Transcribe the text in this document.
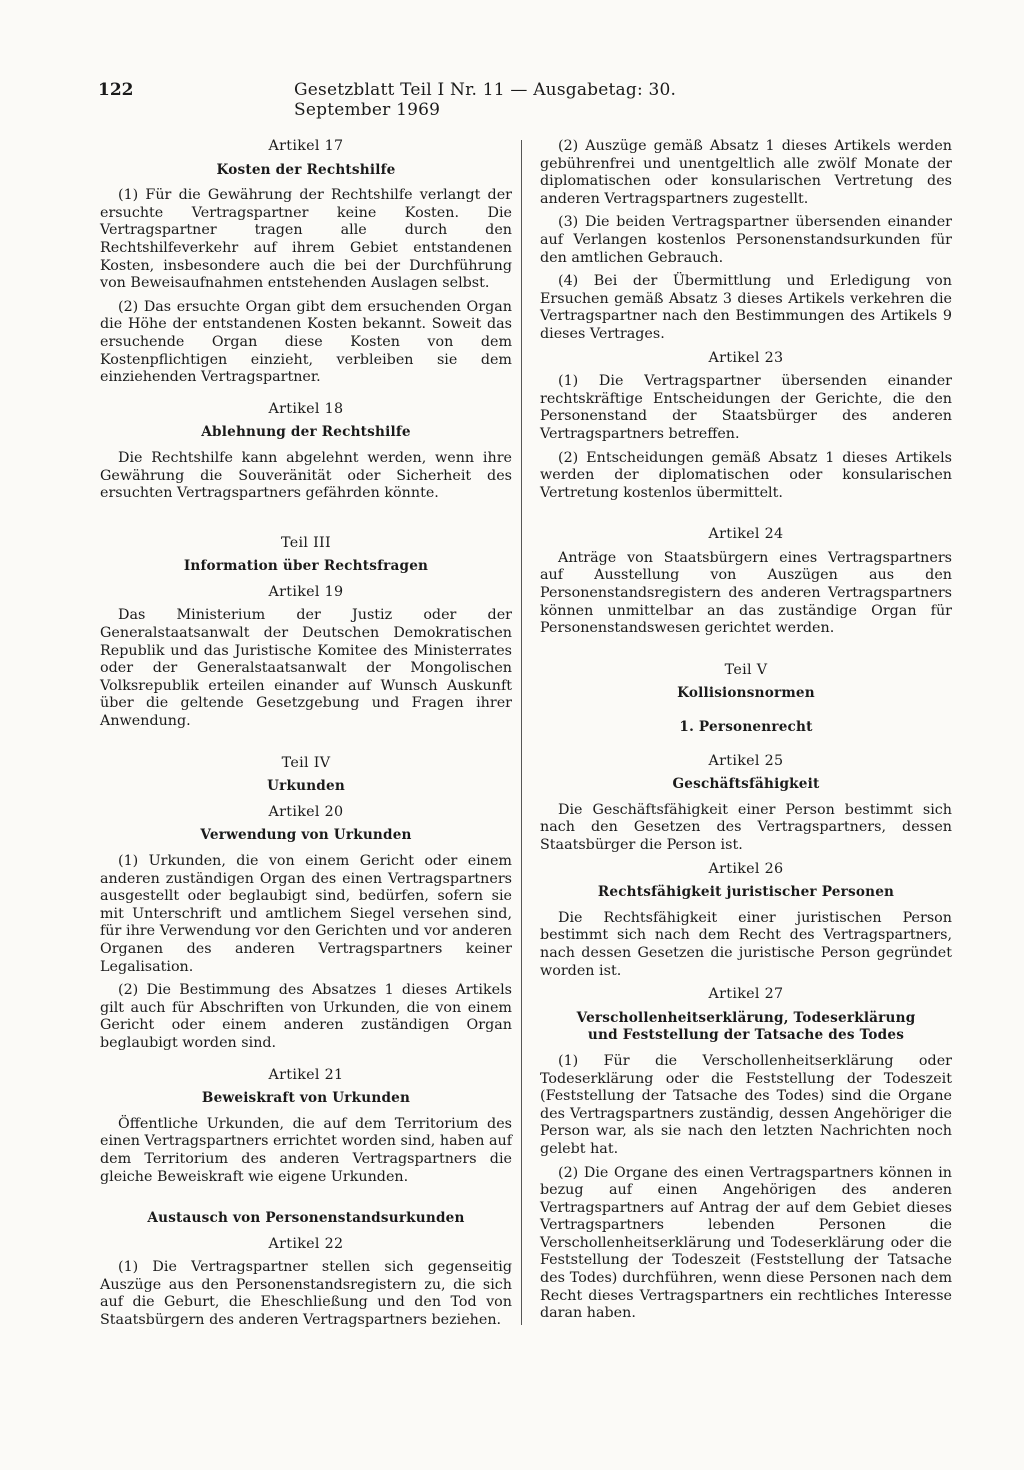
122	Gesetzblatt Teil I Nr. 11 — Ausgabetag: 30. September 1969
Artikel 17
Kosten der Rechtshilfe

(1) Für die Gewährung der Rechtshilfe verlangt der ersuchte Vertragspartner keine Kosten. Die Vertragspartner tragen alle durch den Rechtshilfeverkehr auf ihrem Gebiet entstandenen Kosten, insbesondere auch die bei der Durchführung von Beweisaufnahmen entstehenden Auslagen selbst.

(2) Das ersuchte Organ gibt dem ersuchenden Organ die Höhe der entstandenen Kosten bekannt. Soweit das ersuchende Organ diese Kosten von dem Kostenpflichtigen einzieht, verbleiben sie dem einziehenden Vertragspartner.

Artikel 18
Ablehnung der Rechtshilfe

Die Rechtshilfe kann abgelehnt werden, wenn ihre Gewährung die Souveränität oder Sicherheit des ersuchten Vertragspartners gefährden könnte.

Teil III
Information über Rechtsfragen
Artikel 19

Das Ministerium der Justiz oder der Generalstaatsanwalt der Deutschen Demokratischen Republik und das Juristische Komitee des Ministerrates oder der Generalstaatsanwalt der Mongolischen Volksrepublik erteilen einander auf Wunsch Auskunft über die geltende Gesetzgebung und Fragen ihrer Anwendung.

Teil IV
Urkunden
Artikel 20
Verwendung von Urkunden

(1) Urkunden, die von einem Gericht oder einem anderen zuständigen Organ des einen Vertragspartners ausgestellt oder beglaubigt sind, bedürfen, sofern sie mit Unterschrift und amtlichem Siegel versehen sind, für ihre Verwendung vor den Gerichten und vor anderen Organen des anderen Vertragspartners keiner Legalisation.

(2) Die Bestimmung des Absatzes 1 dieses Artikels gilt auch für Abschriften von Urkunden, die von einem Gericht oder einem anderen zuständigen Organ beglaubigt worden sind.

Artikel 21
Beweiskraft von Urkunden

Öffentliche Urkunden, die auf dem Territorium des einen Vertragspartners errichtet worden sind, haben auf dem Territorium des anderen Vertragspartners die gleiche Beweiskraft wie eigene Urkunden.

Austausch von Personenstandsurkunden
Artikel 22

(1) Die Vertragspartner stellen sich gegenseitig Auszüge aus den Personenstandsregistern zu, die sich auf die Geburt, die Eheschließung und den Tod von Staatsbürgern des anderen Vertragspartners beziehen.

(2) Auszüge gemäß Absatz 1 dieses Artikels werden gebührenfrei und unentgeltlich alle zwölf Monate der diplomatischen oder konsularischen Vertretung des anderen Vertragspartners zugestellt.

(3) Die beiden Vertragspartner übersenden einander auf Verlangen kostenlos Personenstandsurkunden für den amtlichen Gebrauch.

(4) Bei der Übermittlung und Erledigung von Ersuchen gemäß Absatz 3 dieses Artikels verkehren die Vertragspartner nach den Bestimmungen des Artikels 9 dieses Vertrages.

Artikel 23

(1) Die Vertragspartner übersenden einander rechtskräftige Entscheidungen der Gerichte, die den Personenstand der Staatsbürger des anderen Vertragspartners betreffen.

(2) Entscheidungen gemäß Absatz 1 dieses Artikels werden der diplomatischen oder konsularischen Vertretung kostenlos übermittelt.

Artikel 24

Anträge von Staatsbürgern eines Vertragspartners auf Ausstellung von Auszügen aus den Personenstandsregistern des anderen Vertragspartners können unmittelbar an das zuständige Organ für Personenstandswesen gerichtet werden.

Teil V
Kollisionsnormen
1. Personenrecht
Artikel 25
Geschäftsfähigkeit

Die Geschäftsfähigkeit einer Person bestimmt sich nach den Gesetzen des Vertragspartners, dessen Staatsbürger die Person ist.

Artikel 26
Rechtsfähigkeit juristischer Personen

Die Rechtsfähigkeit einer juristischen Person bestimmt sich nach dem Recht des Vertragspartners, nach dessen Gesetzen die juristische Person gegründet worden ist.

Artikel 27
Verschollenheitserklärung, Todeserklärung
und Feststellung der Tatsache des Todes

(1) Für die Verschollenheitserklärung oder Todeserklärung oder die Feststellung der Todeszeit (Feststellung der Tatsache des Todes) sind die Organe des Vertragspartners zuständig, dessen Angehöriger die Person war, als sie nach den letzten Nachrichten noch gelebt hat.

(2) Die Organe des einen Vertragspartners können in bezug auf einen Angehörigen des anderen Vertragspartners auf Antrag der auf dem Gebiet dieses Vertragspartners lebenden Personen die Verschollenheitserklärung und Todeserklärung oder die Feststellung der Todeszeit (Feststellung der Tatsache des Todes) durchführen, wenn diese Personen nach dem Recht dieses Vertragspartners ein rechtliches Interesse daran haben.
